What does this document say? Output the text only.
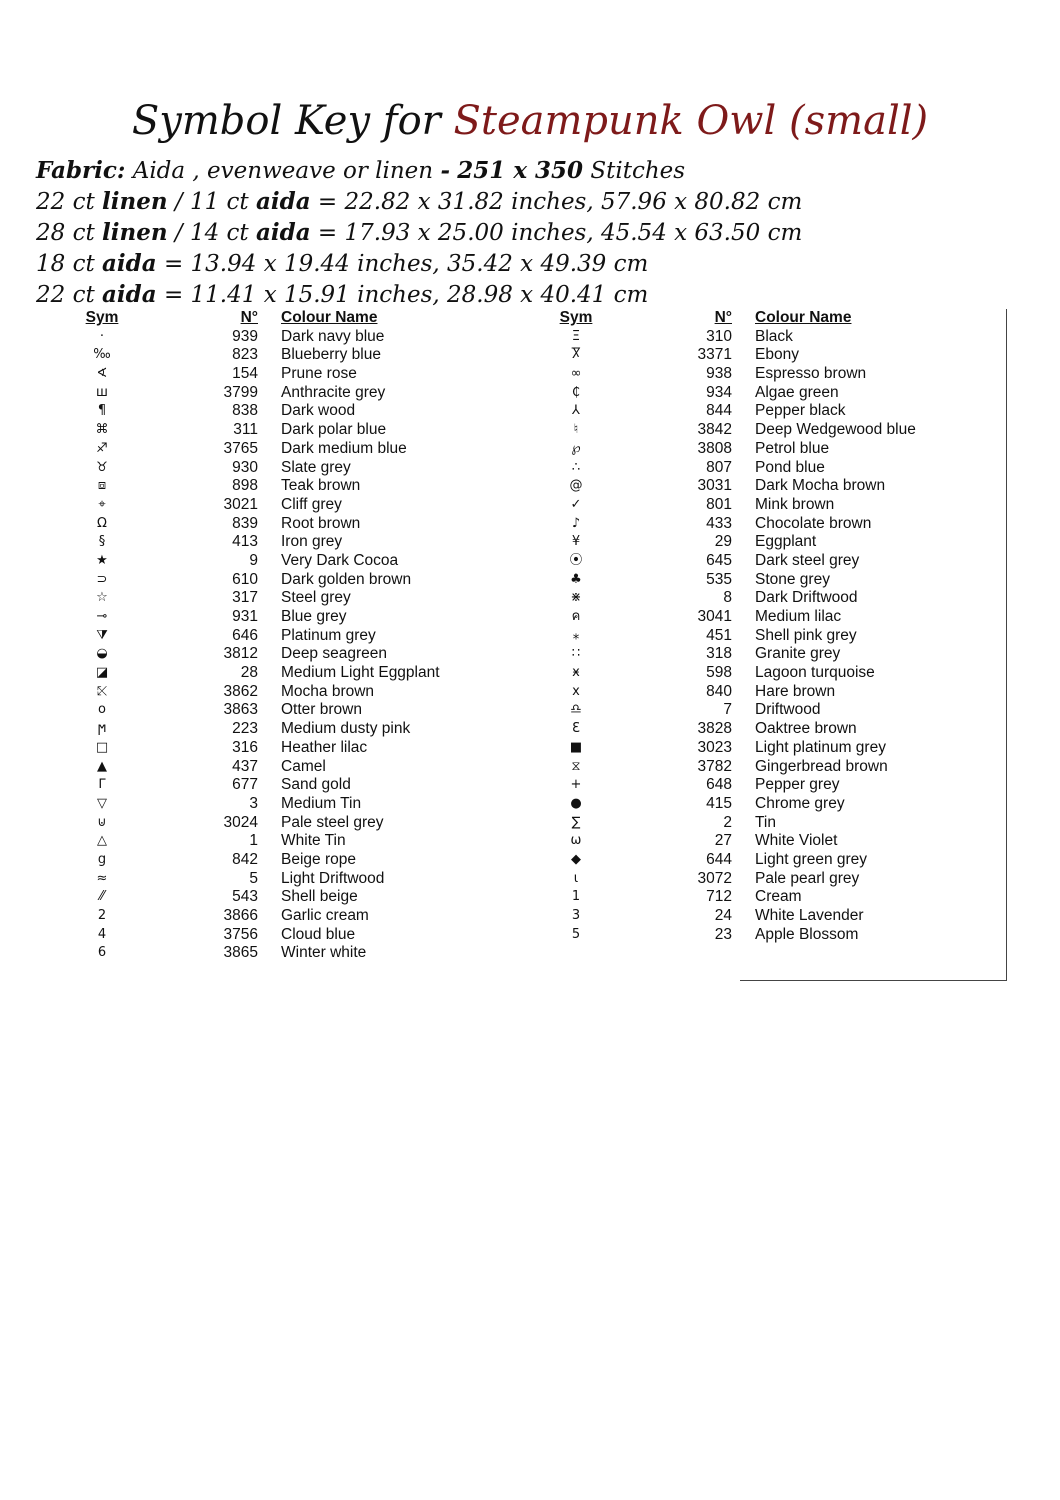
Symbol Key for Steampunk Owl (small)
Fabric: Aida , evenweave or linen - 251 x 350 Stitches
22 ct linen / 11 ct aida = 22.82 x 31.82 inches, 57.96 x 80.82 cm
28 ct linen / 14 ct aida = 17.93 x 25.00 inches, 45.54 x 63.50 cm
18 ct aida = 13.94 x 19.44 inches, 35.42 x 49.39 cm
22 ct aida = 11.41 x 15.91 inches, 28.98 x 40.41 cm
Sym	N°	Colour Name
·	939	Dark navy blue
‰	823	Blueberry blue
∢	154	Prune rose
ш	3799	Anthracite grey
¶	838	Dark wood
⌘	311	Dark polar blue
♐	3765	Dark medium blue
♉	930	Slate grey
⧈	898	Teak brown
⌖	3021	Cliff grey
Ω	839	Root brown
§	413	Iron grey
★	9	Very Dark Cocoa
⊃	610	Dark golden brown
☆	317	Steel grey
⊸	931	Blue grey
⧩	646	Platinum grey
◒	3812	Deep seagreen
◪	28	Medium Light Eggplant
⤪	3862	Mocha brown
o	3863	Otter brown
ϻ	223	Medium dusty pink
□	316	Heather lilac
▲	437	Camel
ᒥ	677	Sand gold
▽	3	Medium Tin
⊍	3024	Pale steel grey
△	1	White Tin
ց	842	Beige rope
≈	5	Light Driftwood
⁄⁄	543	Shell beige
2	3866	Garlic cream
4	3756	Cloud blue
6	3865	Winter white
Sym	N°	Colour Name
Ξ	310	Black
Ⴟ	3371	Ebony
∞	938	Espresso brown
₵	934	Algae green
⅄	844	Pepper black
♮	3842	Deep Wedgewood blue
℘	3808	Petrol blue
∴	807	Pond blue
@	3031	Dark Mocha brown
✓	801	Mink brown
♪	433	Chocolate brown
¥	29	Eggplant
⦿	645	Dark steel grey
♣	535	Stone grey
⋇	8	Dark Driftwood
ค	3041	Medium lilac
⁎	451	Shell pink grey
∷	318	Granite grey
ӿ	598	Lagoon turquoise
x	840	Hare brown
♎	7	Driftwood
Ɛ	3828	Oaktree brown
■	3023	Light platinum grey
⧖	3782	Gingerbread brown
+	648	Pepper grey
●	415	Chrome grey
∑	2	Tin
ω	27	White Violet
◆	644	Light green grey
ɩ	3072	Pale pearl grey
1	712	Cream
3	24	White Lavender
5	23	Apple Blossom
